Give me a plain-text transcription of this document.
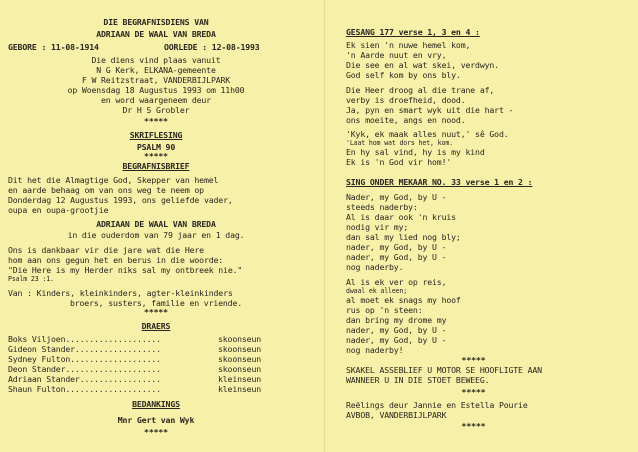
DIE BEGRAFNISDIENS VAN
ADRIAAN DE WAAL VAN BREDA
GEBORE : 11-08-1914	OORLEDE : 12-08-1993
Die diens vind plaas vanuit
N G Kerk, ELKANA-gemeente
F W Reitzstraat, VANDERBIJLPARK
op Woensdag 18 Augustus 1993 om 11h00
en word waargeneem deur
Dr H S Grobler
*****
SKRIFLESING
PSALM 90
*****
BEGRAFNISBRIEF
Dit het die Almagtige God, Skepper van hemel
en aarde behaag om van ons weg te neem op
Donderdag 12 Augustus 1993, ons geliefde vader,
oupa en oupa-grootjie
ADRIAAN DE WAAL VAN BREDA
in die ouderdom van 79 jaar en 1 dag.
Ons is dankbaar vir die jare wat die Here
hom aan ons gegun het en berus in die woorde:
"Die Here is my Herder niks sal my ontbreek nie."
Psalm 23 :1.
Van : Kinders, kleinkinders, agter-kleinkinders
broers, susters, familie en vriende.
*****
DRAERS
Boks Viljoen....................	skoonseun
Gideon Stander..................	skoonseun
Sydney Fulton...................	skoonseun
Deon Stander....................	skoonseun
Adriaan Stander.................	kleinseun
Shaun Fulton....................	kleinseun
BEDANKINGS
Mnr Gert van Wyk
*****
GESANG 177 verse 1, 3 en 4 :
Ek sien 'n nuwe hemel kom,
'n Aarde nuut en vry,
Die see en al wat skei, verdwyn.
God self kom by ons bly.
Die Heer droog al die trane af,
verby is droefheid, dood.
Ja, pyn en smart wyk uit die hart -
ons moeite, angs en nood.
'Kyk, ek maak alles nuut,' sê God.
'Laat hom wat dors het, kom.
En hy sal vind, hy is my kind
Ek is 'n God vir hom!'
SING ONDER MEKAAR NO. 33 verse 1 en 2 :
Nader, my God, by U -
steeds naderby:
Al is daar ook 'n kruis
nodig vir my;
dan sal my lied nog bly;
nader, my God, by U -
nader, my God, by U -
nog naderby.
Al is ek ver op reis,
dwaal ek alleen;
al moet ek snags my hoof
rus op 'n steen:
dan bring my drome my
nader, my God, by U -
nader, my God, by U -
nog naderby!
*****
SKAKEL ASSEBLIEF U MOTOR SE HOOFLIGTE AAN
WANNEER U IN DIE STOET BEWEEG.
*****
Reëlings deur Jannie en Estella Pourie
AVBOB, VANDERBIJLPARK
*****
